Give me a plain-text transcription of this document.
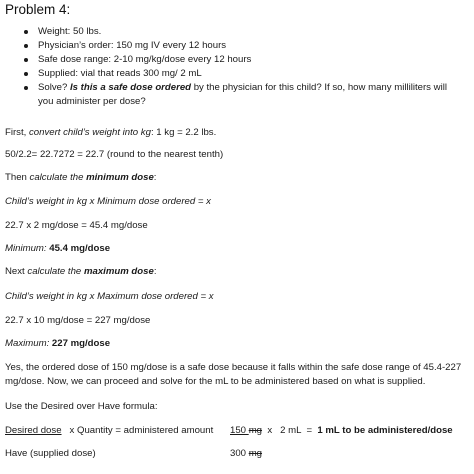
Problem 4:
Weight: 50 lbs.
Physician’s order: 150 mg IV every 12 hours
Safe dose range: 2-10 mg/kg/dose every 12 hours
Supplied: vial that reads 300 mg/ 2 mL
Solve? Is this a safe dose ordered by the physician for this child? If so, how many milliliters will you administer per dose?
First, convert child’s weight into kg: 1 kg = 2.2 lbs.
50/2.2= 22.7272 = 22.7 (round to the nearest tenth)
Then calculate the minimum dose:
Child’s weight in kg x Minimum dose ordered = x
22.7 x 2 mg/dose = 45.4 mg/dose
Minimum: 45.4 mg/dose
Next calculate the maximum dose:
Child’s weight in kg x Maximum dose ordered = x
22.7 x 10 mg/dose = 227 mg/dose
Maximum: 227 mg/dose
Yes, the ordered dose of 150 mg/dose is a safe dose because it falls within the safe dose range of 45.4-227 mg/dose. Now, we can proceed and solve for the mL to be administered based on what is supplied.
Use the Desired over Have formula:
Desired dose   x Quantity = administered amount 150 mg  x   2 mL  =  1 mL to be administered/dose
Have (supplied dose)	300 mg
